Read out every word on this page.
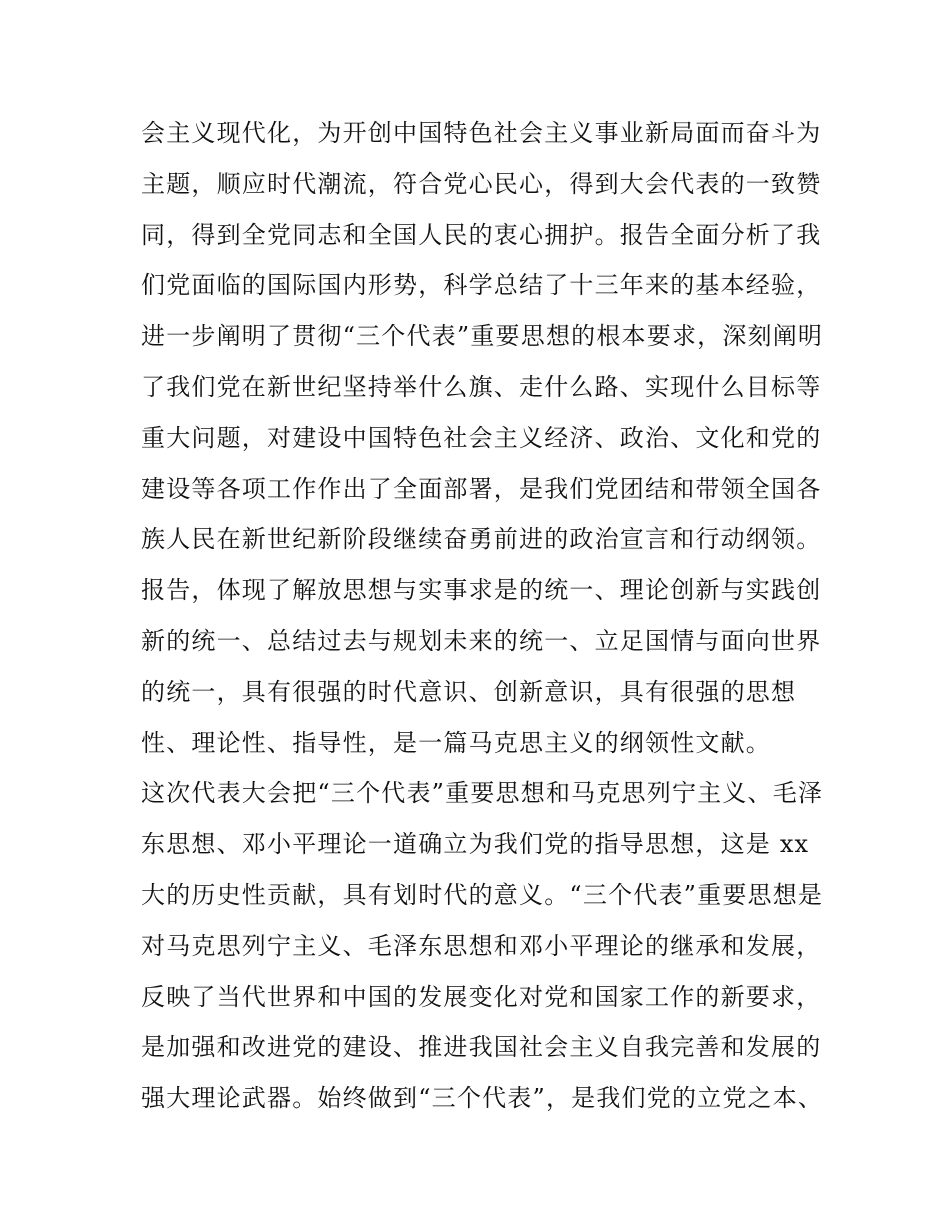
会主义现代化，为开创中国特色社会主义事业新局面而奋斗为
主题，顺应时代潮流，符合党心民心，得到大会代表的一致赞
同，得到全党同志和全国人民的衷心拥护。报告全面分析了我
们党面临的国际国内形势，科学总结了十三年来的基本经验，
进一步阐明了贯彻“三个代表”重要思想的根本要求，深刻阐明
了我们党在新世纪坚持举什么旗、走什么路、实现什么目标等
重大问题，对建设中国特色社会主义经济、政治、文化和党的
建设等各项工作作出了全面部署，是我们党团结和带领全国各
族人民在新世纪新阶段继续奋勇前进的政治宣言和行动纲领。
报告，体现了解放思想与实事求是的统一、理论创新与实践创
新的统一、总结过去与规划未来的统一、立足国情与面向世界
的统一，具有很强的时代意识、创新意识，具有很强的思想
性、理论性、指导性，是一篇马克思主义的纲领性文献。
这次代表大会把“三个代表”重要思想和马克思列宁主义、毛泽
东思想、邓小平理论一道确立为我们党的指导思想，这是 xx
大的历史性贡献，具有划时代的意义。“三个代表”重要思想是
对马克思列宁主义、毛泽东思想和邓小平理论的继承和发展，
反映了当代世界和中国的发展变化对党和国家工作的新要求，
是加强和改进党的建设、推进我国社会主义自我完善和发展的
强大理论武器。始终做到“三个代表”，是我们党的立党之本、
